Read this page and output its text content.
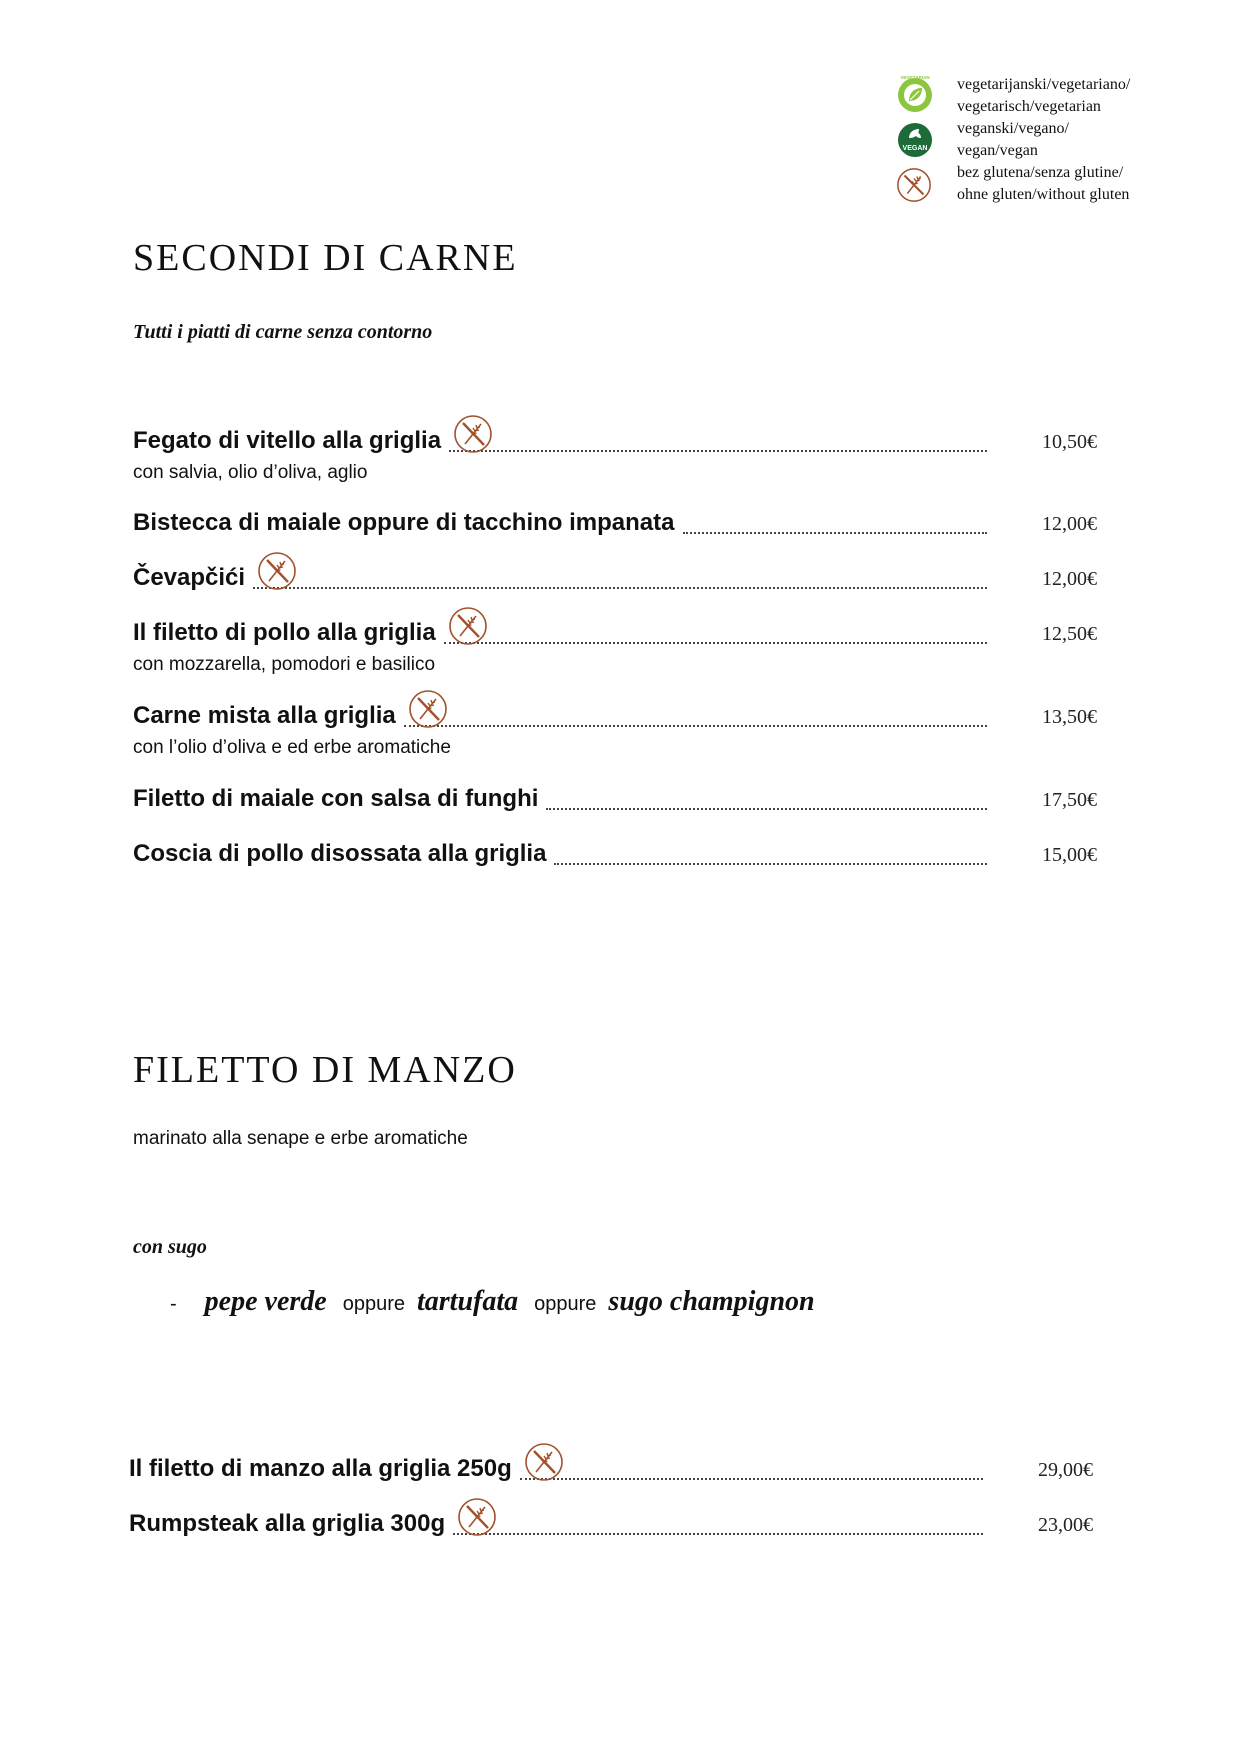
VEGETARIAN vegetarijanski/vegetariano/
vegetarisch/vegetarian
VEGAN
veganski/vegano/
vegan/vegan
bez glutena/senza glutine/
ohne gluten/without gluten
SECONDI DI CARNE
Tutti i piatti di carne senza contorno
Fegato di vitello alla griglia	10,50€
con salvia, olio d’oliva, aglio
Bistecca di maiale oppure di tacchino impanata	12,00€
Čevapčići	12,00€
Il filetto di pollo alla griglia	12,50€
con mozzarella, pomodori e basilico
Carne mista alla griglia	13,50€
con l’olio d’oliva e ed erbe aromatiche
Filetto di maiale con salsa di funghi	17,50€
Coscia di pollo disossata alla griglia	15,00€
FILETTO DI MANZO
marinato alla senape e erbe aromatiche
con sugo
- pepe verde oppure tartufata oppure sugo champignon
Il filetto di manzo alla griglia 250g	29,00€
Rumpsteak alla griglia 300g	23,00€
